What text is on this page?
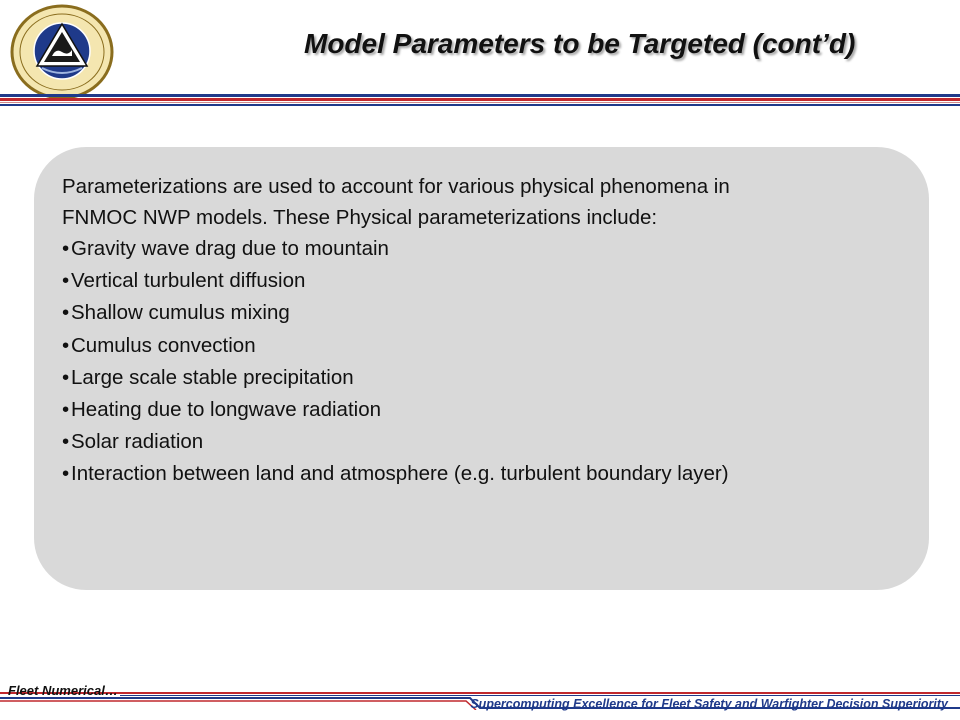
Model Parameters to be Targeted (cont’d)

Parameterizations are used to account for various physical phenomena in
FNMOC NWP models. These Physical parameterizations include:

•Gravity wave drag due to mountain
•Vertical turbulent diffusion
•Shallow cumulus mixing
•Cumulus convection
•Large scale stable precipitation
•Heating due to longwave radiation
•Solar radiation
•Interaction between land and atmosphere (e.g. turbulent boundary layer)
Fleet Numerical…
Supercomputing Excellence for Fleet Safety and Warfighter Decision Superiority
